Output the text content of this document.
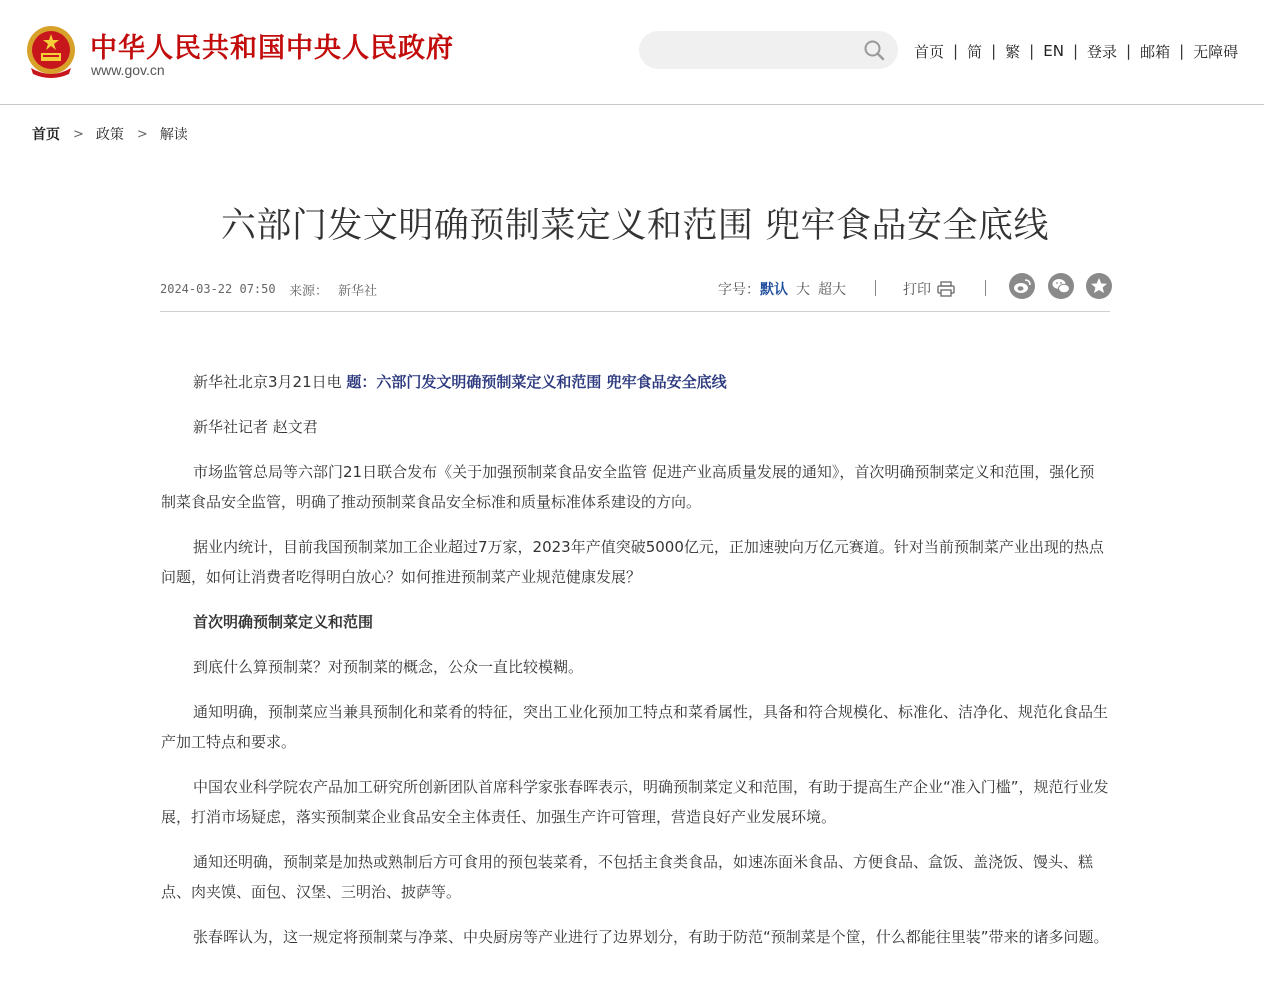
中华人民共和国中央人民政府
www.gov.cn
首页 | 简 | 繁 | EN | 登录 | 邮箱 | 无障碍
首页 > 政策 > 解读
六部门发文明确预制菜定义和范围 兜牢食品安全底线
2024-03-22 07:50 来源： 新华社	字号： 默认 大 超大	打印

新华社北京3月21日电 题：六部门发文明确预制菜定义和范围 兜牢食品安全底线

新华社记者 赵文君

市场监管总局等六部门21日联合发布《关于加强预制菜食品安全监管 促进产业高质量发展的通知》，首次明确预制菜定义和范围，强化预制菜食品安全监管，明确了推动预制菜食品安全标准和质量标准体系建设的方向。

据业内统计，目前我国预制菜加工企业超过7万家，2023年产值突破5000亿元，正加速驶向万亿元赛道。针对当前预制菜产业出现的热点问题，如何让消费者吃得明白放心？如何推进预制菜产业规范健康发展？

首次明确预制菜定义和范围

到底什么算预制菜？对预制菜的概念，公众一直比较模糊。

通知明确，预制菜应当兼具预制化和菜肴的特征，突出工业化预加工特点和菜肴属性，具备和符合规模化、标准化、洁净化、规范化食品生产加工特点和要求。

中国农业科学院农产品加工研究所创新团队首席科学家张春晖表示，明确预制菜定义和范围，有助于提高生产企业“准入门槛”，规范行业发展，打消市场疑虑，落实预制菜企业食品安全主体责任、加强生产许可管理，营造良好产业发展环境。

通知还明确，预制菜是加热或熟制后方可食用的预包装菜肴，不包括主食类食品，如速冻面米食品、方便食品、盒饭、盖浇饭、馒头、糕点、肉夹馍、面包、汉堡、三明治、披萨等。

张春晖认为，这一规定将预制菜与净菜、中央厨房等产业进行了边界划分，有助于防范“预制菜是个筐，什么都能往里装”带来的诸多问题。
